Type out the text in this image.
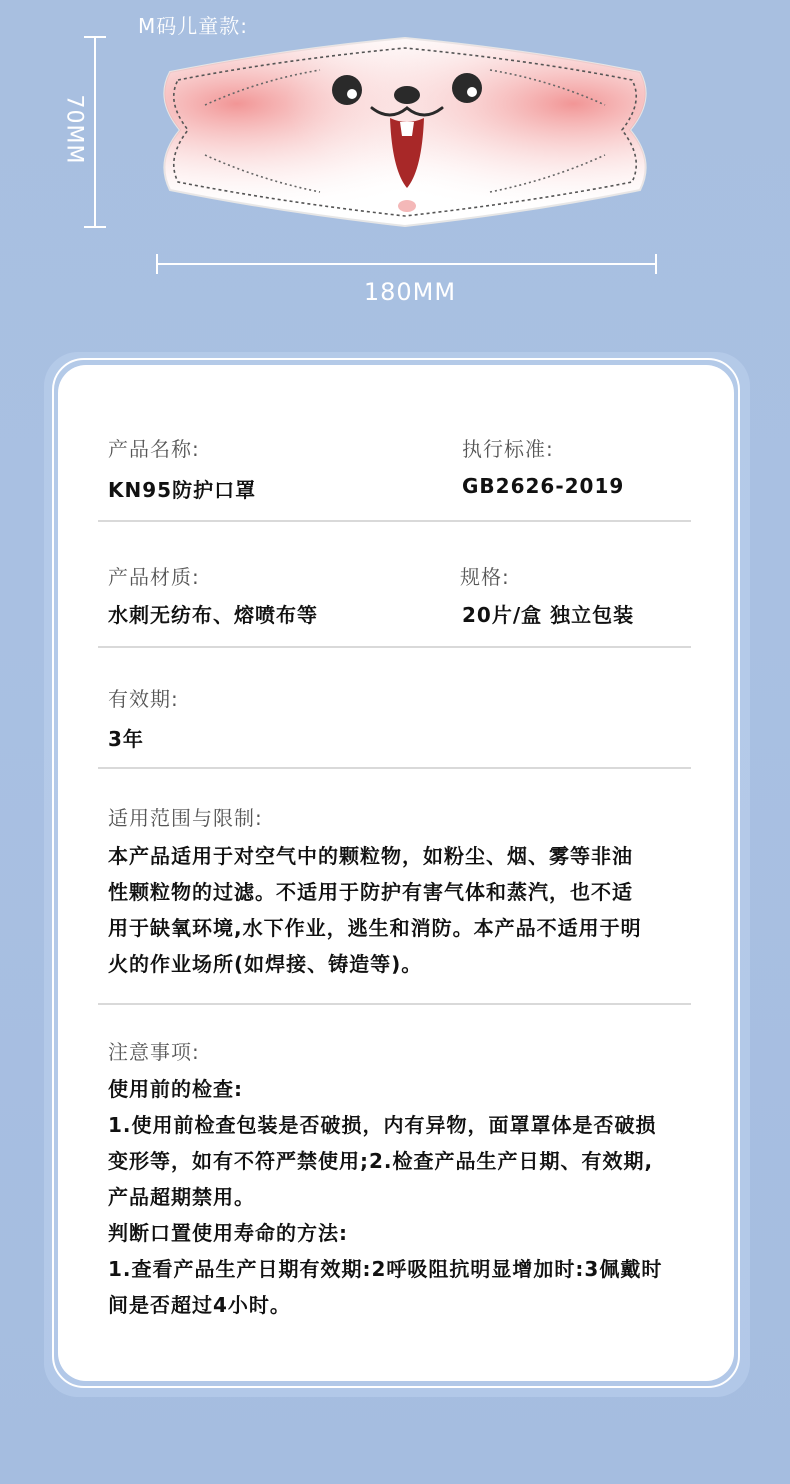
M码儿童款:
70MM
180MM
产品名称:
KN95防护口罩
执行标准:
GB2626-2019
产品材质:
水刺无纺布、熔喷布等
规格:
20片/盒 独立包装
有效期:
3年
适用范围与限制:
本产品适用于对空气中的颗粒物，如粉尘、烟、雾等非油
性颗粒物的过滤。不适用于防护有害气体和蒸汽，也不适
用于缺氧环境,水下作业，逃生和消防。本产品不适用于明
火的作业场所(如焊接、铸造等)。
注意事项:
使用前的检查:
1.使用前检查包装是否破损，内有异物，面罩罩体是否破损
变形等，如有不符严禁使用;2.检查产品生产日期、有效期,
产品超期禁用。
判断口置使用寿命的方法:
1.查看产品生产日期有效期:2呼吸阻抗明显增加时:3佩戴时
间是否超过4小时。
